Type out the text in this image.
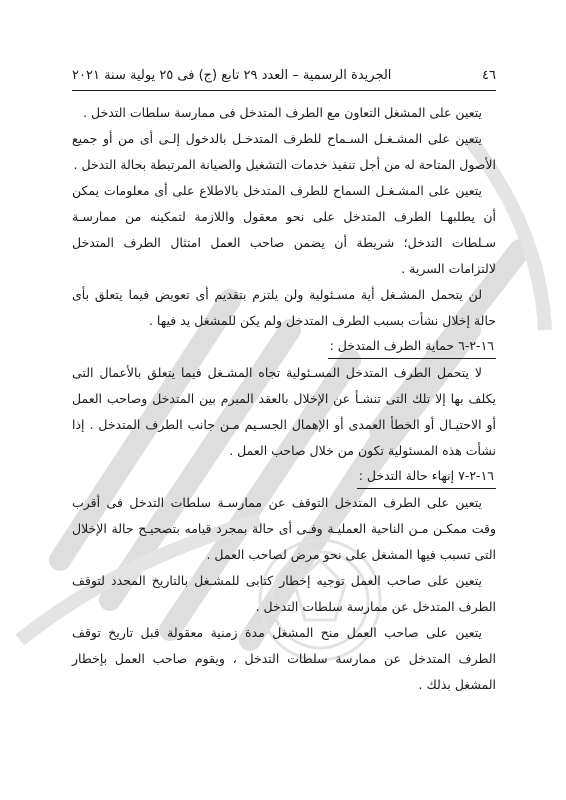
٤٦
الجريدة الرسمية – العدد ٢٩ تابع (ج) فى ٢٥ يولية سنة ٢٠٢١

يتعين على المشغل التعاون مع الطرف المتدخل فى ممارسة سلطات التدخل .

يتعين على المشـغـل السـماح للطرف المتدخـل بالدخول إلـى أى من أو جميع الأصول المتاحة له من أجل تنفيذ خدمات التشغيل والصيانة المرتبطة بحالة التدخل .

يتعين على المشـغـل السماح للطرف المتدخل بالاطلاع على أى معلومات يمكن أن يطلبهـا الطرف المتدخل على نحو معقول واللازمة لتمكينه من ممارسـة سـلطات التدخل؛ شريطة أن يضمن صاحب العمل امتثال الطرف المتدخل لالتزامات السرية .

لن يتحمل المشـغل أية مسـئولية ولن يلتزم بتقديم أى تعويض فيما يتعلق بأى حالة إخلال نشأت بسبب الطرف المتدخل ولم يكن للمشغل يد فيها .

١٦-٢-٦ حماية الطرف المتدخل :

لا يتحمل الطرف المتدخل المسـئولية تجاه المشـغل فيما يتعلق بالأعمال التى يكلف بها إلا تلك التى تنشـأ عن الإخلال بالعقد المبرم بين المتدخل وصاحب العمل أو الاحتيـال أو الخطأ العمدى أو الإهمال الجسـيم مـن جانب الطرف المتدخل . إذا نشأت هذه المسئولية تكون من خلال صاحب العمل .

١٦-٢-٧ إنهاء حالة التدخل :

يتعين على الطرف المتدخل التوقف عن ممارسـة سلطات التدخل فى أقرب وقت ممكـن مـن الناحية العمليـة وفـى أى حالة بمجرد قيامه بتصحيـح حالة الإخلال التى تسبب فيها المشغل على نحو مرض لصاحب العمل .

يتعين على صاحب العمل توجيه إخطار كتابى للمشـغل بالتاريخ المحدد لتوقف الطرف المتدخل عن ممارسة سلطات التدخل .

يتعين على صاحب العمل منح المشغل مدة زمنية معقولة قبل تاريخ توقف الطرف المتدخل عن ممارسة سلطات التدخل ، ويقوم صاحب العمل بإخطار المشغل بذلك .
